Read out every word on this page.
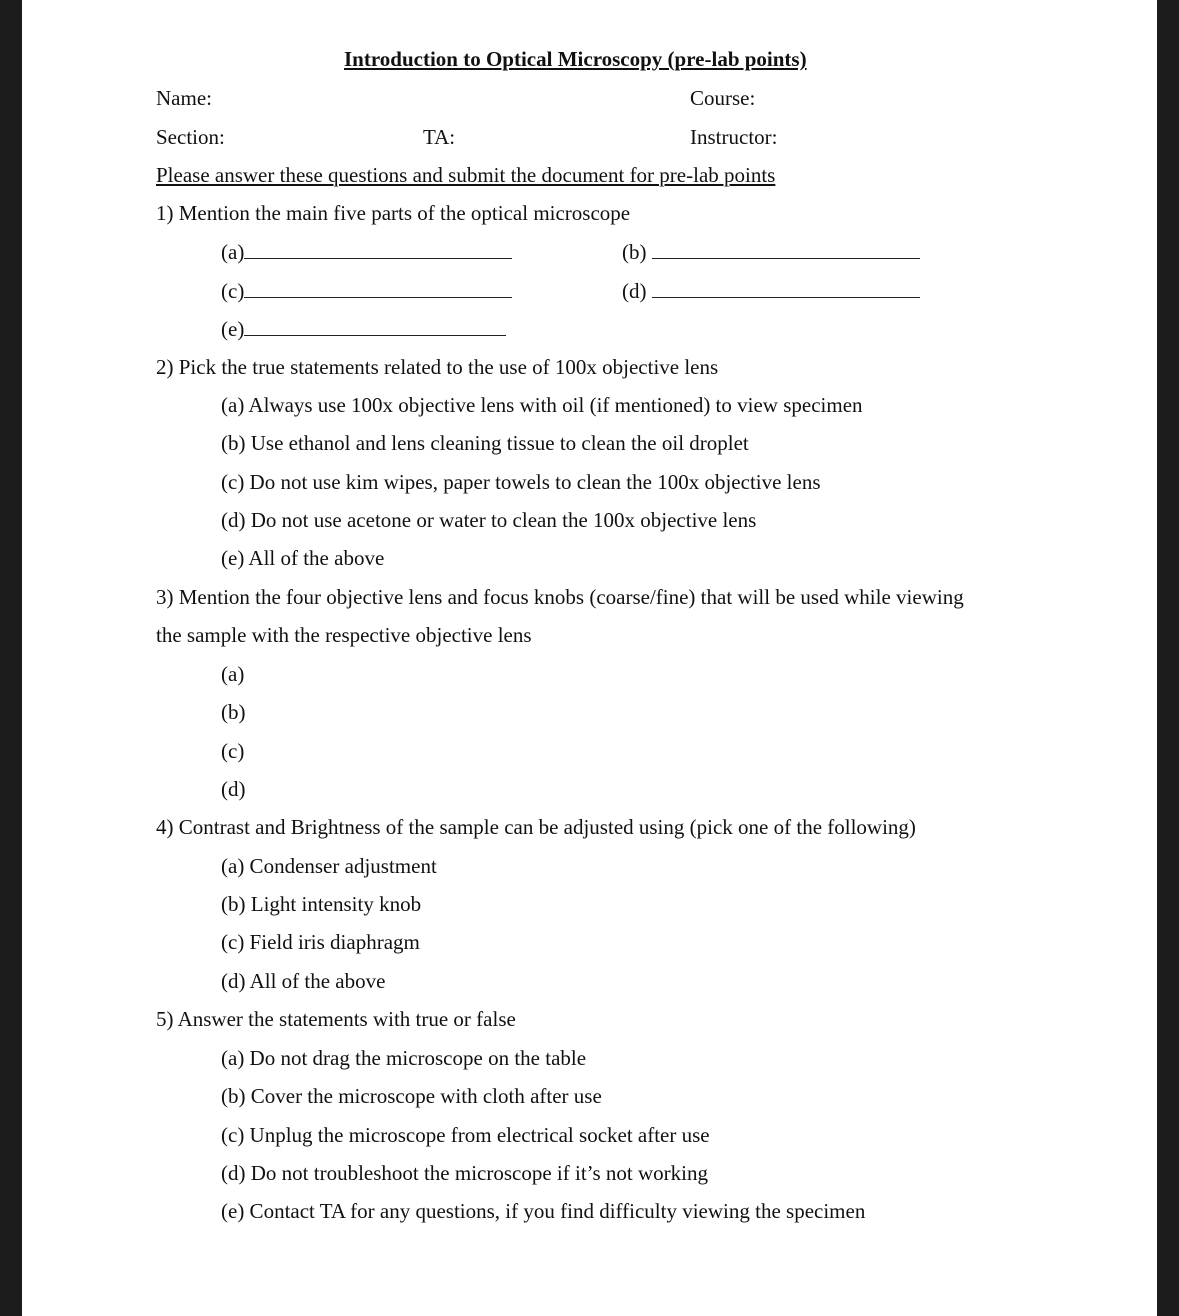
Introduction to Optical Microscopy (pre-lab points)
Name:	Course:
Section:	TA:	Instructor:
Please answer these questions and submit the document for pre-lab points
1) Mention the main five parts of the optical microscope
(a)	(b)
(c)	(d)
(e)
2) Pick the true statements related to the use of 100x objective lens
(a) Always use 100x objective lens with oil (if mentioned) to view specimen
(b) Use ethanol and lens cleaning tissue to clean the oil droplet
(c) Do not use kim wipes, paper towels to clean the 100x objective lens
(d) Do not use acetone or water to clean the 100x objective lens
(e) All of the above
3) Mention the four objective lens and focus knobs (coarse/fine) that will be used while viewing
the sample with the respective objective lens
(a)
(b)
(c)
(d)
4) Contrast and Brightness of the sample can be adjusted using (pick one of the following)
(a) Condenser adjustment
(b) Light intensity knob
(c) Field iris diaphragm
(d) All of the above
5) Answer the statements with true or false
(a) Do not drag the microscope on the table
(b) Cover the microscope with cloth after use
(c) Unplug the microscope from electrical socket after use
(d) Do not troubleshoot the microscope if it’s not working
(e) Contact TA for any questions, if you find difficulty viewing the specimen
